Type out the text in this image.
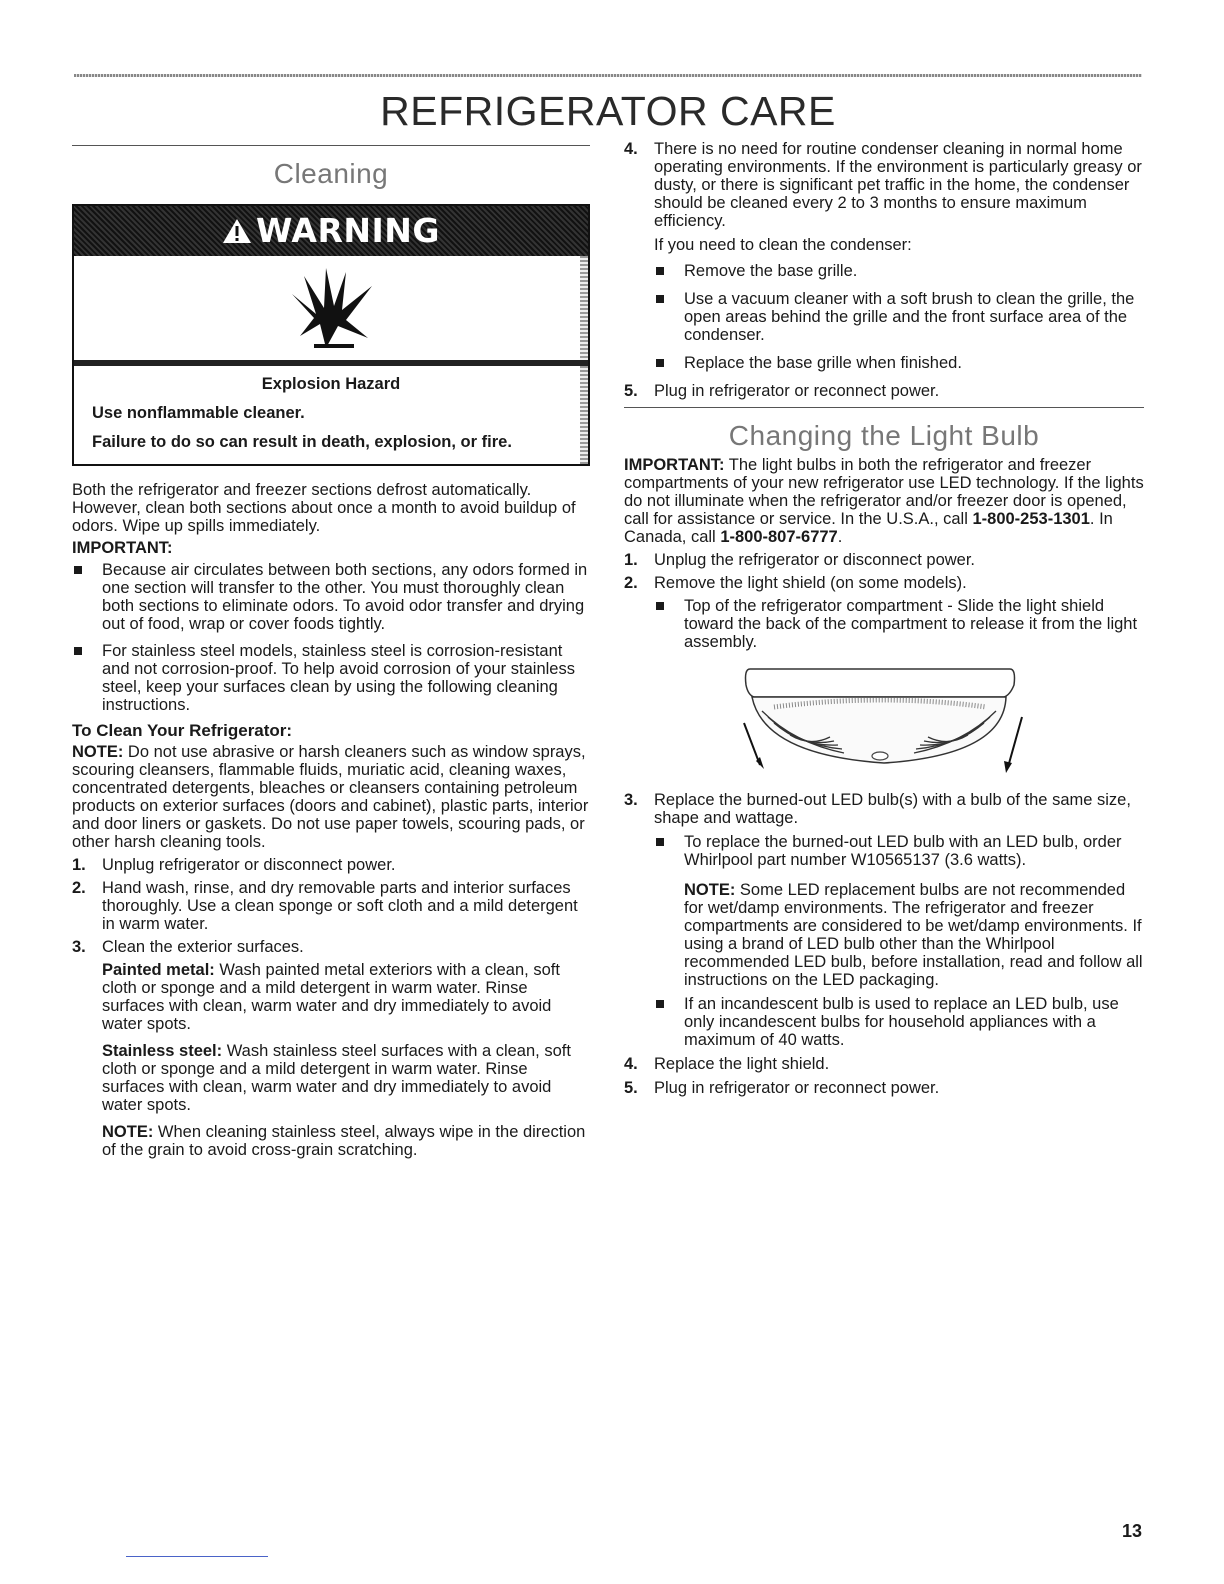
REFRIGERATOR CARE
Cleaning
WARNING

Explosion Hazard

Use nonflammable cleaner.

Failure to do so can result in death, explosion, or fire.

Both the refrigerator and freezer sections defrost automatically. However, clean both sections about once a month to avoid buildup of odors. Wipe up spills immediately.

IMPORTANT:

Because air circulates between both sections, any odors formed in one section will transfer to the other. You must thoroughly clean both sections to eliminate odors. To avoid odor transfer and drying out of food, wrap or cover foods tightly.

For stainless steel models, stainless steel is corrosion-resistant and not corrosion-proof. To help avoid corrosion of your stainless steel, keep your surfaces clean by using the following cleaning instructions.

To Clean Your Refrigerator:

NOTE: Do not use abrasive or harsh cleaners such as window sprays, scouring cleansers, flammable fluids, muriatic acid, cleaning waxes, concentrated detergents, bleaches or cleansers containing petroleum products on exterior surfaces (doors and cabinet), plastic parts, interior and door liners or gaskets. Do not use paper towels, scouring pads, or other harsh cleaning tools.

1. Unplug refrigerator or disconnect power.

2. Hand wash, rinse, and dry removable parts and interior surfaces thoroughly. Use a clean sponge or soft cloth and a mild detergent in warm water.

3. Clean the exterior surfaces.

Painted metal: Wash painted metal exteriors with a clean, soft cloth or sponge and a mild detergent in warm water. Rinse surfaces with clean, warm water and dry immediately to avoid water spots.

Stainless steel: Wash stainless steel surfaces with a clean, soft cloth or sponge and a mild detergent in warm water. Rinse surfaces with clean, warm water and dry immediately to avoid water spots.

NOTE: When cleaning stainless steel, always wipe in the direction of the grain to avoid cross-grain scratching.

4. There is no need for routine condenser cleaning in normal home operating environments. If the environment is particularly greasy or dusty, or there is significant pet traffic in the home, the condenser should be cleaned every 2 to 3 months to ensure maximum efficiency.

If you need to clean the condenser:

Remove the base grille.

Use a vacuum cleaner with a soft brush to clean the grille, the open areas behind the grille and the front surface area of the condenser.

Replace the base grille when finished.

5. Plug in refrigerator or reconnect power.

Changing the Light Bulb

IMPORTANT: The light bulbs in both the refrigerator and freezer compartments of your new refrigerator use LED technology. If the lights do not illuminate when the refrigerator and/or freezer door is opened, call for assistance or service. In the U.S.A., call 1-800-253-1301. In Canada, call 1-800-807-6777.

1. Unplug the refrigerator or disconnect power.

2. Remove the light shield (on some models).

Top of the refrigerator compartment - Slide the light shield toward the back of the compartment to release it from the light assembly.

3. Replace the burned-out LED bulb(s) with a bulb of the same size, shape and wattage.

To replace the burned-out LED bulb with an LED bulb, order Whirlpool part number W10565137 (3.6 watts).

NOTE: Some LED replacement bulbs are not recommended for wet/damp environments. The refrigerator and freezer compartments are considered to be wet/damp environments. If using a brand of LED bulb other than the Whirlpool recommended LED bulb, before installation, read and follow all instructions on the LED packaging.

If an incandescent bulb is used to replace an LED bulb, use only incandescent bulbs for household appliances with a maximum of 40 watts.

4. Replace the light shield.

5. Plug in refrigerator or reconnect power.

13
